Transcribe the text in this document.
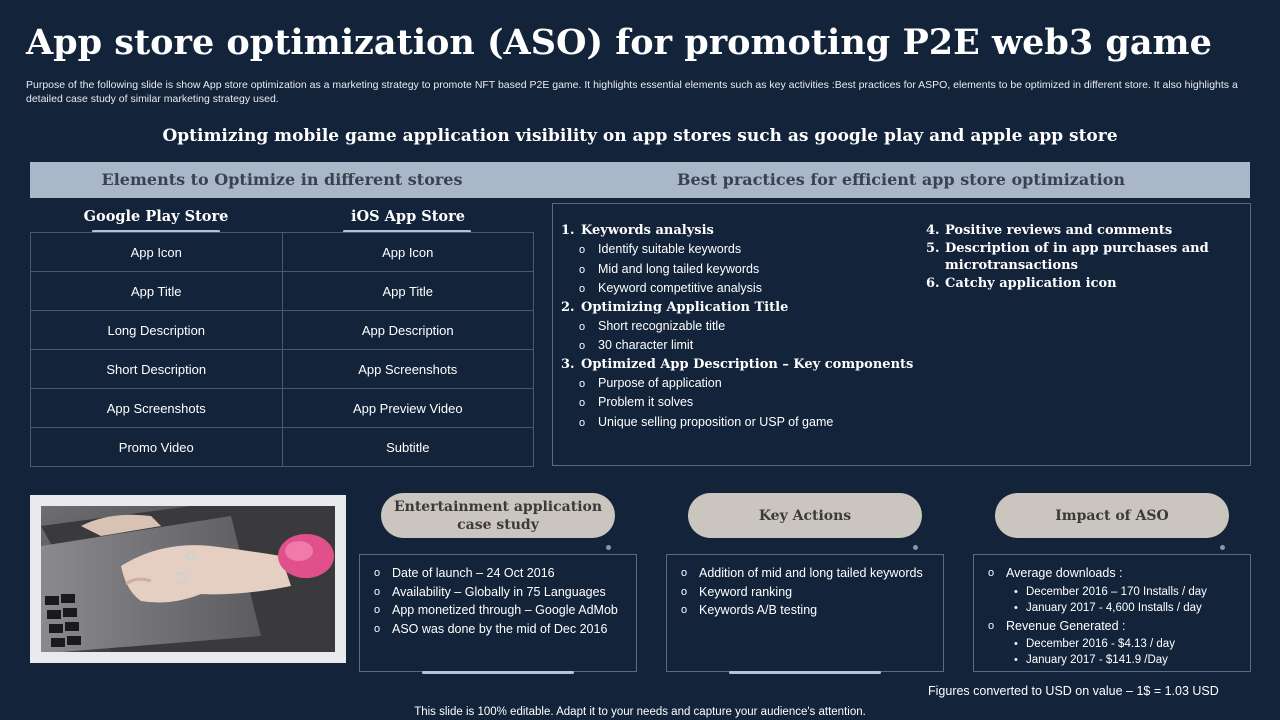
App store optimization (ASO) for promoting P2E web3 game
Purpose of the following slide is show App store optimization as a marketing strategy to promote NFT based P2E game. It highlights essential elements such as key activities :Best practices for ASPO, elements to be optimized in different store. It also highlights a detailed case study of similar marketing strategy used.
Optimizing mobile game application visibility on app stores such as google play and apple app store
Elements to Optimize in different stores	Best practices for efficient app store optimization
Google Play Store	iOS App Store
App Icon	App Icon
App Title	App Title
Long Description	App Description
Short Description	App Screenshots
App Screenshots	App Preview Video
Promo Video	Subtitle
1. Keywords analysis
o Identify suitable keywords
o Mid and long tailed keywords
o Keyword competitive analysis
2. Optimizing Application Title
o Short recognizable title
o 30 character limit
3. Optimized App Description – Key components
o Purpose of application
o Problem it solves
o Unique selling proposition or USP of game
4. Positive reviews and comments
5. Description of in app purchases and microtransactions
6. Catchy application icon
Entertainment application case study
Key Actions	Impact of ASO
o Date of launch – 24 Oct 2016
o Availability – Globally in 75 Languages
o App monetized through – Google AdMob
o ASO was done by the mid of Dec 2016
o Addition of mid and long tailed keywords
o Keyword ranking
o Keywords A/B testing
o Average downloads :
• December 2016 – 170 Installs / day
• January 2017 - 4,600 Installs / day
o Revenue Generated :
• December 2016 - $4.13 / day
• January 2017 - $141.9 /Day
Figures converted to USD on value – 1$ = 1.03 USD
This slide is 100% editable. Adapt it to your needs and capture your audience's attention.
